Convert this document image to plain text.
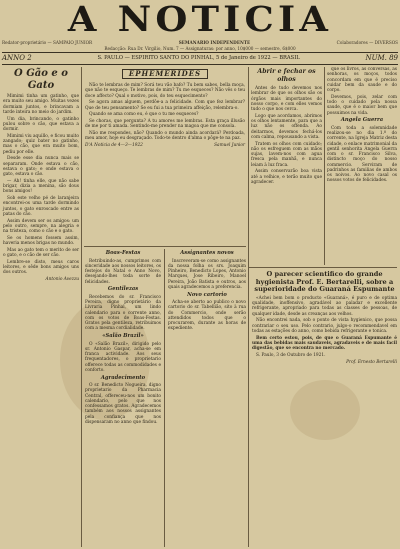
A NOTICIA
Redator-proprietário — SAMPAIO JUNIOR	SEMANARIO INDEPENDENTE	Colaboradores — DIVERSOS
Redacção: Rua Dr. Virgilio, Num. 7 — Assignaturas: por anno, 10$000 — semestre, 6$000
ANNO 2	S. PAULO — ESPIRITO SANTO DO PINHAL, 5 de Janeiro de 1922 — BRASIL	NUM. 89
O Gão e o Gato

Mimimi tinha um gatinho, que era muito seu amigo. Muitas vezes dormiam juntos, e brincavam a tarde inteira no meio do jardim.

Um dia, brincando, o gatinho pulou sobre o cão, que estava a dormir.

Mimimi viu aquillo, e ficou muito zangado; quiz bater no gatinho, mas o cão, que era muito bom, pediu por elle.

Desde esse dia nunca mais se separaram. Onde estava o cão, estava o gato; e onde estava o gato, estava o cão.

— Ah! tinha elle, que não sabe brigar, dizia a menina, são dous bons amigos!

Sob este velho pé de laranjeira encontrei-os uma tarde dormindo juntos, o gato enroscado entre as patas do cão.

Assim devem ser os amigos: um pelo outro, sempre, na alegria e na tristeza, como o cão e o gato.

Se os homens fossem assim, haveria menos brigas no mundo.

Mas ao gato tem o merito de ser o gato, e o cão de ser cão.

Lembre-se disto, meus caros leitores, e sêde bons amigos uns dos outros.

Antonio Avezzu
EPHEMERIDES

Não te lembras de mim? Sorá teu vão bafo? Tu bem sabes, bella moça, que não te esqueço. Te lembras de mim? Tu me esqueces? Não vês o teu doce affecto? Qual o motivo, pois, do teu esquecimento?

Se agora amas alguem, perdôe-a a felicidade. Com que fez lembrar? Que de teu pensamento? Se eu fui a tua primeira affeição, relembra-o.

Quando se ama como eu, é que o tu me esqueces?

Se choras, que pergunta? A tu amores me lembras. Esta graça illusão de me por ti amada. Sentindo-me prender na magoa que me consola.

Não me respondes, não? Quando o mundo ainda acordará? Perdoada, meu amor, hoje eu desgraçado. Todo-te dentro d'alma o pôge-te na paz.

D'A Noticia de 4—3—1922	Samuel Junior
Boas-Festas

Retribuindo-as, cumprimos com sinceridade aos nossos leitores, os festejos do Natal e Anno Novo, desejando-lhes toda sorte de felicidades.

Gentilezas

Recebemos do sr. Francisco Pereira, digno proprietário da Livraria Pinhal, um lindo calendario para o corrente anno, com os votos de Boas-Festas. Gratos pela gentileza, retribuimos com a mesma cordialidade.

«Salão Brazil»

O «Salão Brazil», dirigido pelo sr. Antonio Gaspar, acha-se em franca actividade. Aos seus frequentadores, o proprietario offerece todas as commodidades e conforto.

Agradecimento

O sr. Benedicto Nogueira, digno proprietario da Pharmacia Central, offereceu-nos um bonito calendario, pelo que nos confessamos gratos. Agradecemos também aos nossos assignantes pela confiança que nos dispensaram no anno que findou.

Assignantes novos

Inscreveram-se como assignantes da nossa folha os srs. Joaquim Pinheiro, Benedicto Lopes, Antonio Marques, Jose Ribeiro, Manoel Pereira, João Batista e outros, aos quais agradecemos a preferencia.

Novo cartorio

Acha-se aberto ao publico o novo cartorio do sr. Tabellião, sito à rua do Commercio, onde serão attendidos todos que o procurarem, durante as horas de expediente.

Abrir e fechar os olhos

Antes de tudo devemos nos lembrar de que os olhos são os órgãos mais importantes do nosso corpo, e com elles vemos tudo o que nos cerca.

Logo que acordamos, abrimos os olhos lentamente, para que a luz não os offenda. Ao deitarmos, devemos fechá-los com calma, repousando a vista.

Tratem os olhos com cuidado; não os esfreguem com as mãos sujas, lavem-nos com agua fresca pela manhã, e nunca leiam à luz fraca.

Assim conservarão boa vista até a velhice, e terão muito que agradecer.

que os livros, as conversas, as senhoras, os moços, todos concordam em que é preciso cuidar bem da saude e do corpo.

Devemos, pois, zelar com todo o cuidado pela nossa saude, que é o maior bem que possuimos na vida.

Angela Guerra

Com toda a solemnidade realizou-se no dia 1.º do corrente, na Igreja Matriz desta cidade, o enlace matrimonial da gentil senhorita Angela Guerra com o sr. Francisco Silva, distincto moço do nosso commercio. Serviram de padrinhos as familias de ambos os noivos. Ao novo casal os nossos votos de felicidades.

O parecer scientifico do grande hygienista Prof. E. Bertarelli, sobre a superioridade do Guaraná Espumante

«Achei bem bom o producto «Guaraná», é puro e de optima qualidade, inoffensivo, agradável ao paladar e excellente refrigerante, apropriado para todas as classes de pessoas, de qualquer idade, desde as creanças aos velhos.

Não encontrei nada, sob o ponto de vista hygienico, que possa contrariar o seu uso. Pelo contrario, julgo-o recommendavel em todas as estações do anno, como bebida refrigerante e tonica.

Bem certo estou, pois, de que o Guaraná Espumante é uma das bebidas mais saudaveis, agradaveis e de mais facil digestão, que se encontra no mercado.

S. Paulo, 3 de Outubro de 1921.

Prof. Ernesto Bertarelli
